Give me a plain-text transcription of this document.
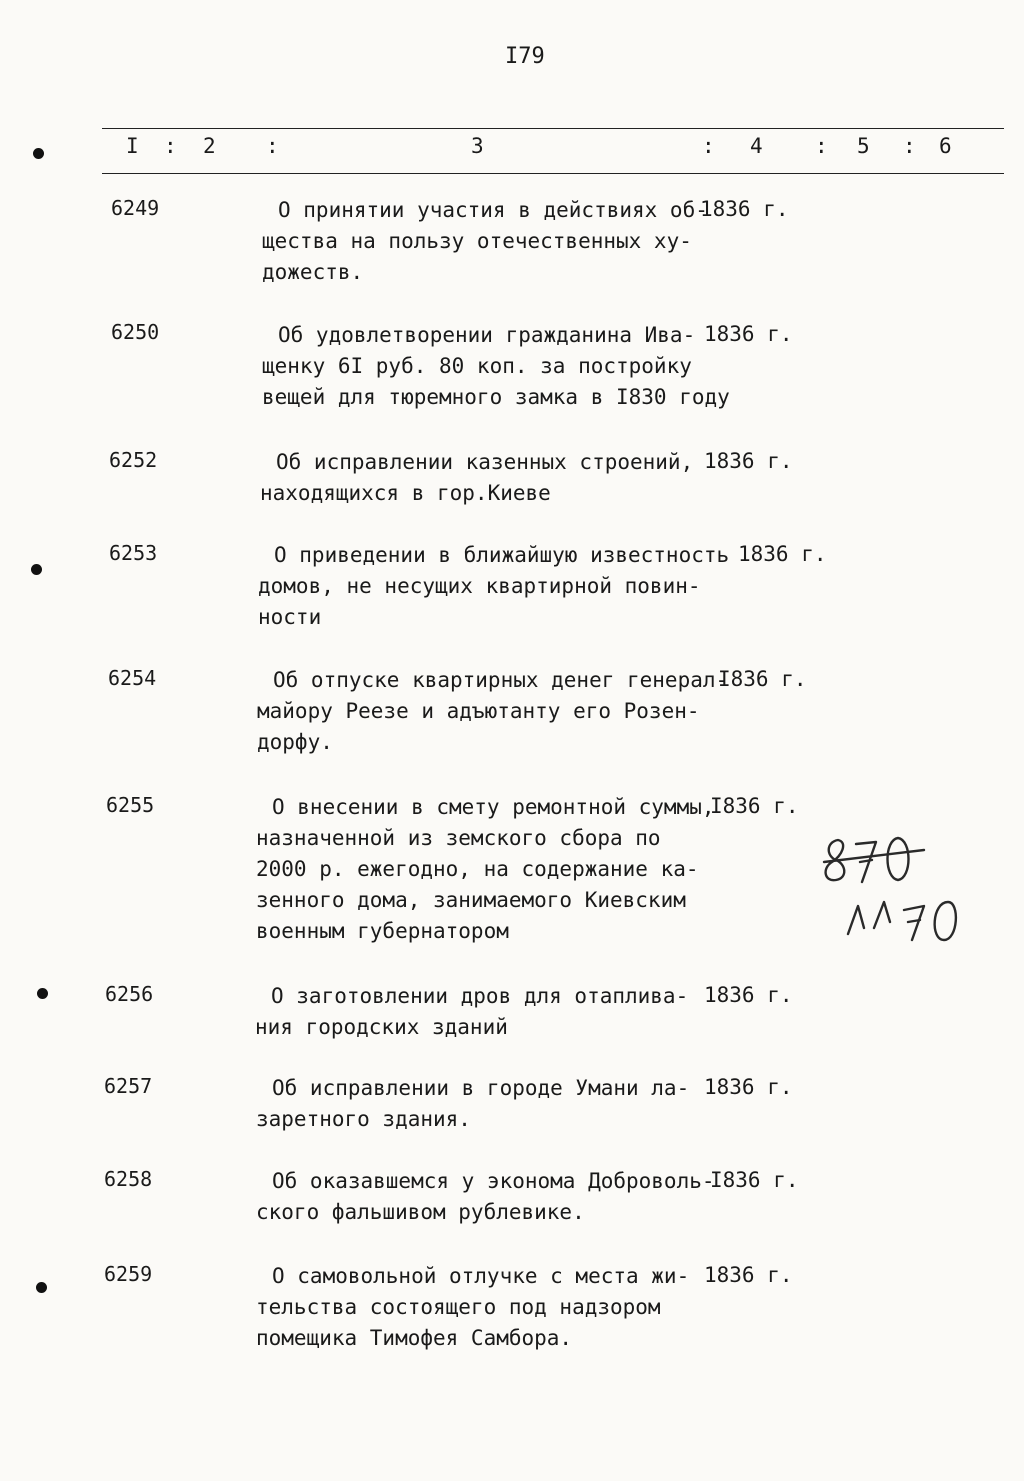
I79
I : 2 :	3	: 4 : 5 : 6
6249	О принятии участия в действиях об-
щества на пользу отечественных ху-
дожеств.
1836 г.
6250	Об удовлетворении гражданина Ива-
щенку 6I руб. 80 коп. за постройку
вещей для тюремного замка в I830 году
1836 г.
6252	Об исправлении казенных строений,
находящихся в гор.Киеве
1836 г.
6253	О приведении в ближайшую известность
домов, не несущих квартирной повин-
ности
1836 г.
6254	Об отпуске квартирных денег генерал-
майору Реезе и адъютанту его Розен-
дорфу.
I836 г.
6255	О внесении в смету ремонтной суммы,
назначенной из земского сбора по
2000 р. ежегодно, на содержание ка-
зенного дома, занимаемого Киевским
военным губернатором
I836 г.
6256	О заготовлении дров для отаплива-
ния городских зданий
1836 г.
6257	Об исправлении в городе Умани ла-
заретного здания.
1836 г.
6258	Об оказавшемся у эконома Доброволь-
ского фальшивом рублевике.
I836 г.
6259	О самовольной отлучке с места жи-
тельства состоящего под надзором
помещика Тимофея Самбора.
1836 г.
8
